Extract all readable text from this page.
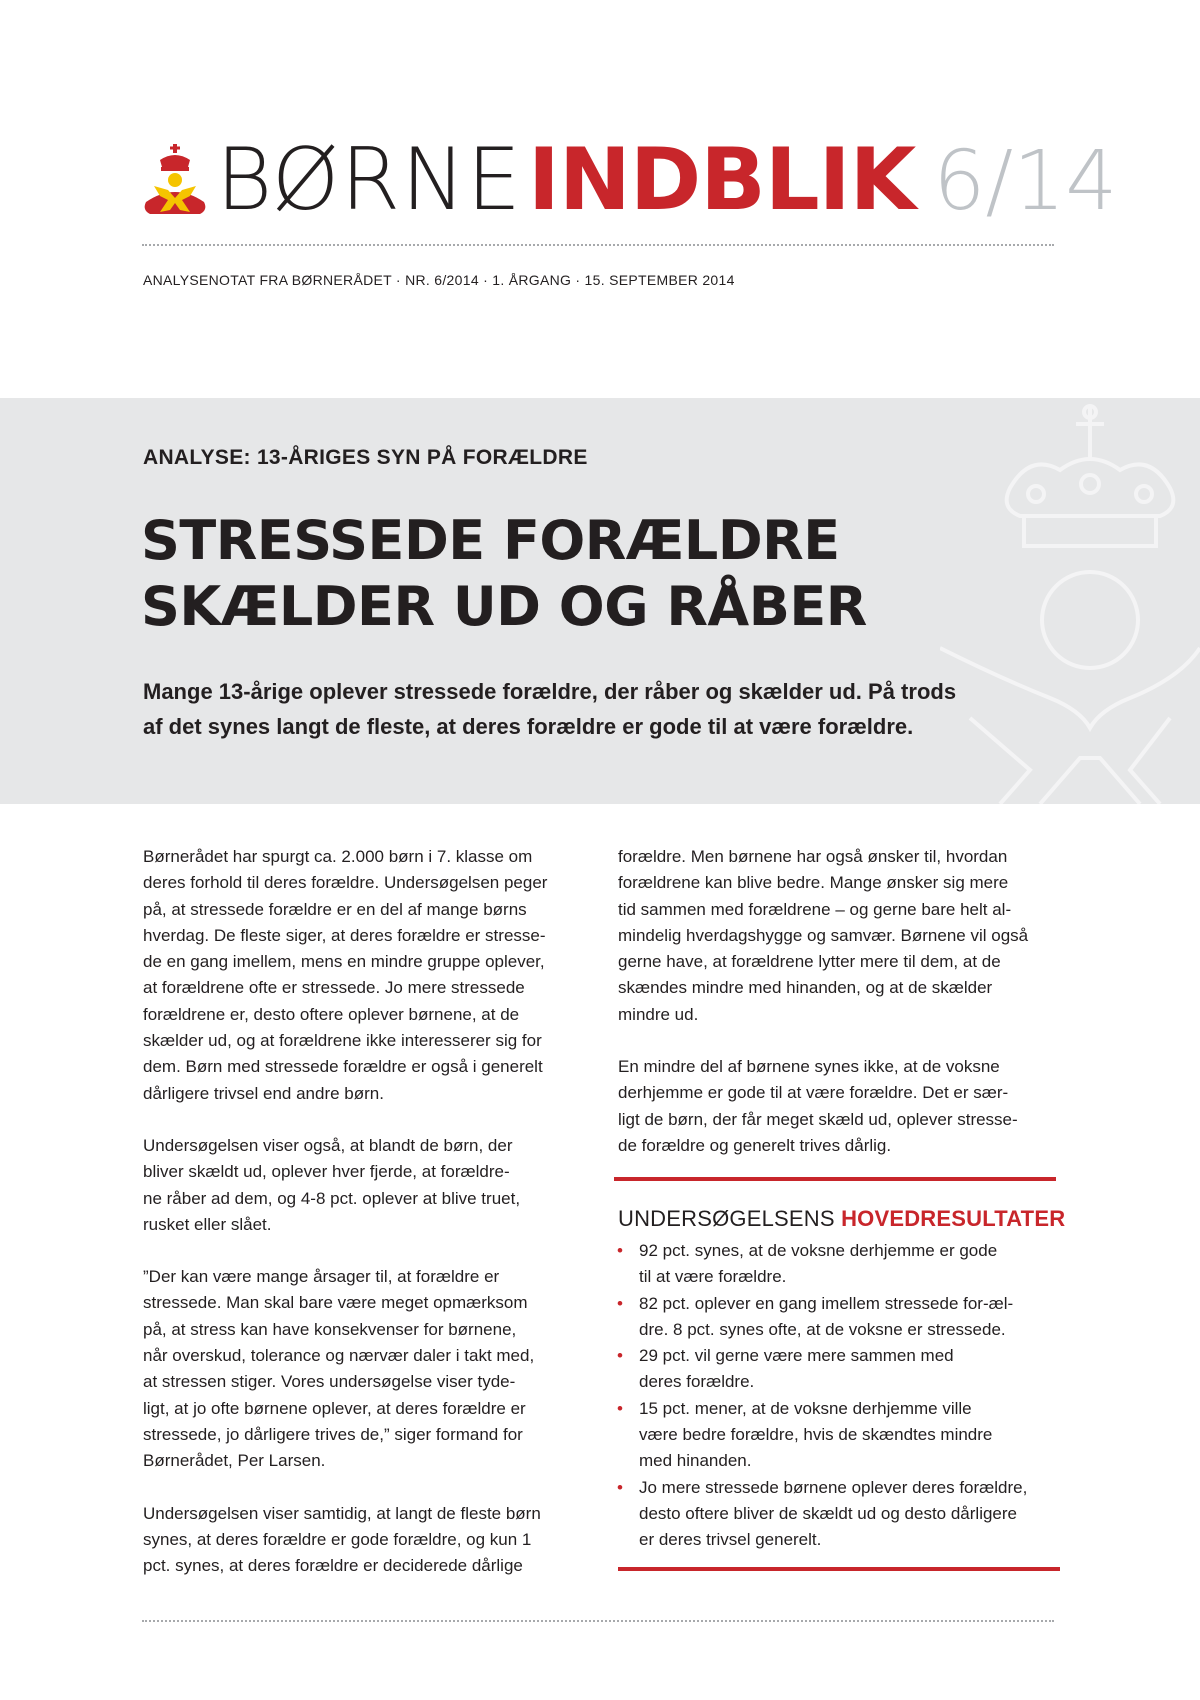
BØRNEINDBLIK 6/14
ANALYSENOTAT FRA BØRNERÅDET · NR. 6/2014 · 1. ÅRGANG · 15. SEPTEMBER 2014
ANALYSE: 13-ÅRIGES SYN PÅ FORÆLDRE
STRESSEDE FORÆLDRE
SKÆLDER UD OG RÅBER
Mange 13-årige oplever stressede forældre, der råber og skælder ud. På trods
af det synes langt de fleste, at deres forældre er gode til at være forældre.

Børnerådet har spurgt ca. 2.000 børn i 7. klasse om
deres forhold til deres forældre. Undersøgelsen peger
på, at stressede forældre er en del af mange børns
hverdag. De fleste siger, at deres forældre er stresse-
de en gang imellem, mens en mindre gruppe oplever,
at forældrene ofte er stressede. Jo mere stressede
forældrene er, desto oftere oplever børnene, at de
skælder ud, og at forældrene ikke interesserer sig for
dem. Børn med stressede forældre er også i generelt
dårligere trivsel end andre børn.

Undersøgelsen viser også, at blandt de børn, der
bliver skældt ud, oplever hver fjerde, at forældre-
ne råber ad dem, og 4-8 pct. oplever at blive truet,
rusket eller slået.

”Der kan være mange årsager til, at forældre er
stressede. Man skal bare være meget opmærksom
på, at stress kan have konsekvenser for børnene,
når overskud, tolerance og nærvær daler i takt med,
at stressen stiger. Vores undersøgelse viser tyde-
ligt, at jo ofte børnene oplever, at deres forældre er
stressede, jo dårligere trives de,” siger formand for
Børnerådet, Per Larsen.

Undersøgelsen viser samtidig, at langt de fleste børn
synes, at deres forældre er gode forældre, og kun 1
pct. synes, at deres forældre er deciderede dårlige

forældre. Men børnene har også ønsker til, hvordan
forældrene kan blive bedre. Mange ønsker sig mere
tid sammen med forældrene – og gerne bare helt al-
mindelig hverdagshygge og samvær. Børnene vil også
gerne have, at forældrene lytter mere til dem, at de
skændes mindre med hinanden, og at de skælder
mindre ud.

En mindre del af børnene synes ikke, at de voksne
derhjemme er gode til at være forældre. Det er sær-
ligt de børn, der får meget skæld ud, oplever stresse-
de forældre og generelt trives dårlig.

UNDERSØGELSENS HOVEDRESULTATER
• 92 pct. synes, at de voksne derhjemme er gode
til at være forældre.
• 82 pct. oplever en gang imellem stressede for-æl-
dre. 8 pct. synes ofte, at de voksne er stressede.
• 29 pct. vil gerne være mere sammen med
deres forældre.
• 15 pct. mener, at de voksne derhjemme ville
være bedre forældre, hvis de skændtes mindre
med hinanden.
• Jo mere stressede børnene oplever deres forældre,
desto oftere bliver de skældt ud og desto dårligere
er deres trivsel generelt.
